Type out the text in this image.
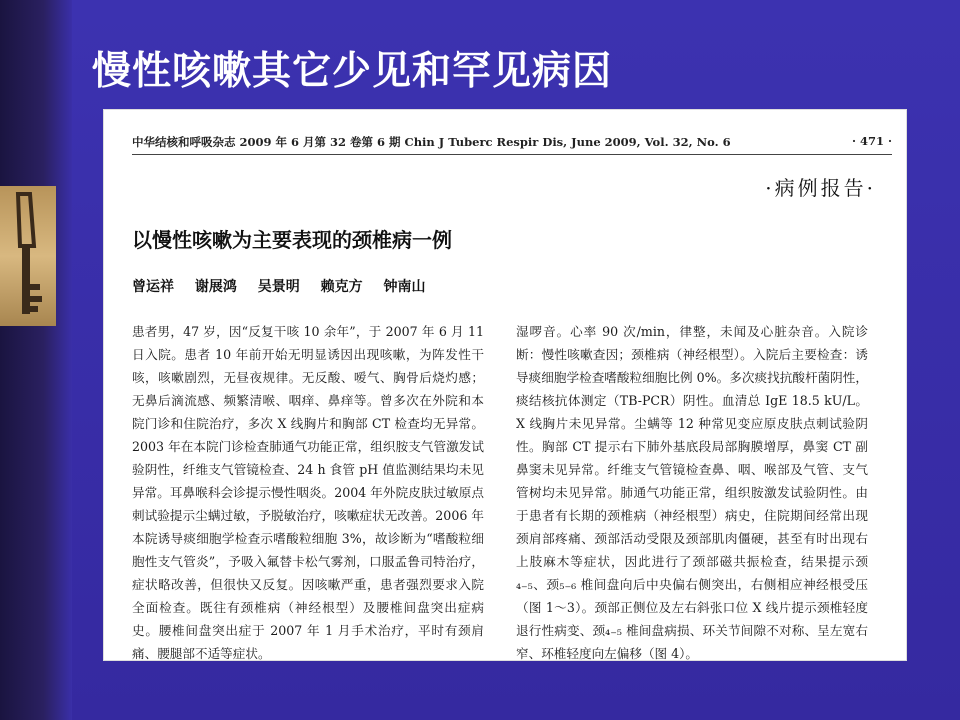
慢性咳嗽其它少见和罕见病因
中华结核和呼吸杂志 2009 年 6 月第 32 卷第 6 期 Chin J Tuberc Respir Dis, June 2009, Vol. 32, No. 6	· 471 ·
·病例报告·
以慢性咳嗽为主要表现的颈椎病一例
曾运祥 谢展鸿 吴景明 赖克方 钟南山

患者男，47 岁，因“反复干咳 10 余年”，于 2007 年 6 月 11 日入院。患者 10 年前开始无明显诱因出现咳嗽，为阵发性干咳，咳嗽剧烈，无昼夜规律。无反酸、嗳气、胸骨后烧灼感；无鼻后滴流感、频繁清喉、咽痒、鼻痒等。曾多次在外院和本院门诊和住院治疗，多次 X 线胸片和胸部 CT 检查均无异常。2003 年在本院门诊检查肺通气功能正常，组织胺支气管激发试验阴性，纤维支气管镜检查、24 h 食管 pH 值监测结果均未见异常。耳鼻喉科会诊提示慢性咽炎。2004 年外院皮肤过敏原点刺试验提示尘螨过敏，予脱敏治疗，咳嗽症状无改善。2006 年本院诱导痰细胞学检查示嗜酸粒细胞 3%，故诊断为“嗜酸粒细胞性支气管炎”，予吸入氟替卡松气雾剂，口服孟鲁司特治疗，症状略改善，但很快又反复。因咳嗽严重，患者强烈要求入院全面检查。既往有颈椎病（神经根型）及腰椎间盘突出症病史。腰椎间盘突出症于 2007 年 1 月手术治疗，平时有颈肩痛、腰腿部不适等症状。

湿啰音。心率 90 次/min，律整，未闻及心脏杂音。入院诊断：慢性咳嗽查因；颈椎病（神经根型）。入院后主要检查：诱导痰细胞学检查嗜酸粒细胞比例 0%。多次痰找抗酸杆菌阴性，痰结核抗体测定（TB-PCR）阴性。血清总 IgE 18.5 kU/L。X 线胸片未见异常。尘螨等 12 种常见变应原皮肤点刺试验阴性。胸部 CT 提示右下肺外基底段局部胸膜增厚，鼻窦 CT 副鼻窦未见异常。纤维支气管镜检查鼻、咽、喉部及气管、支气管树均未见异常。肺通气功能正常，组织胺激发试验阴性。由于患者有长期的颈椎病（神经根型）病史，住院期间经常出现颈肩部疼痛、颈部活动受限及颈部肌肉僵硬，甚至有时出现右上肢麻木等症状，因此进行了颈部磁共振检查，结果提示颈₄₋₅、颈₅₋₆ 椎间盘向后中央偏右侧突出，右侧相应神经根受压（图 1～3）。颈部正侧位及左右斜张口位 X 线片提示颈椎轻度退行性病变、颈₄₋₅ 椎间盘病损、环关节间隙不对称、呈左宽右窄、环椎轻度向左偏移（图 4）。
